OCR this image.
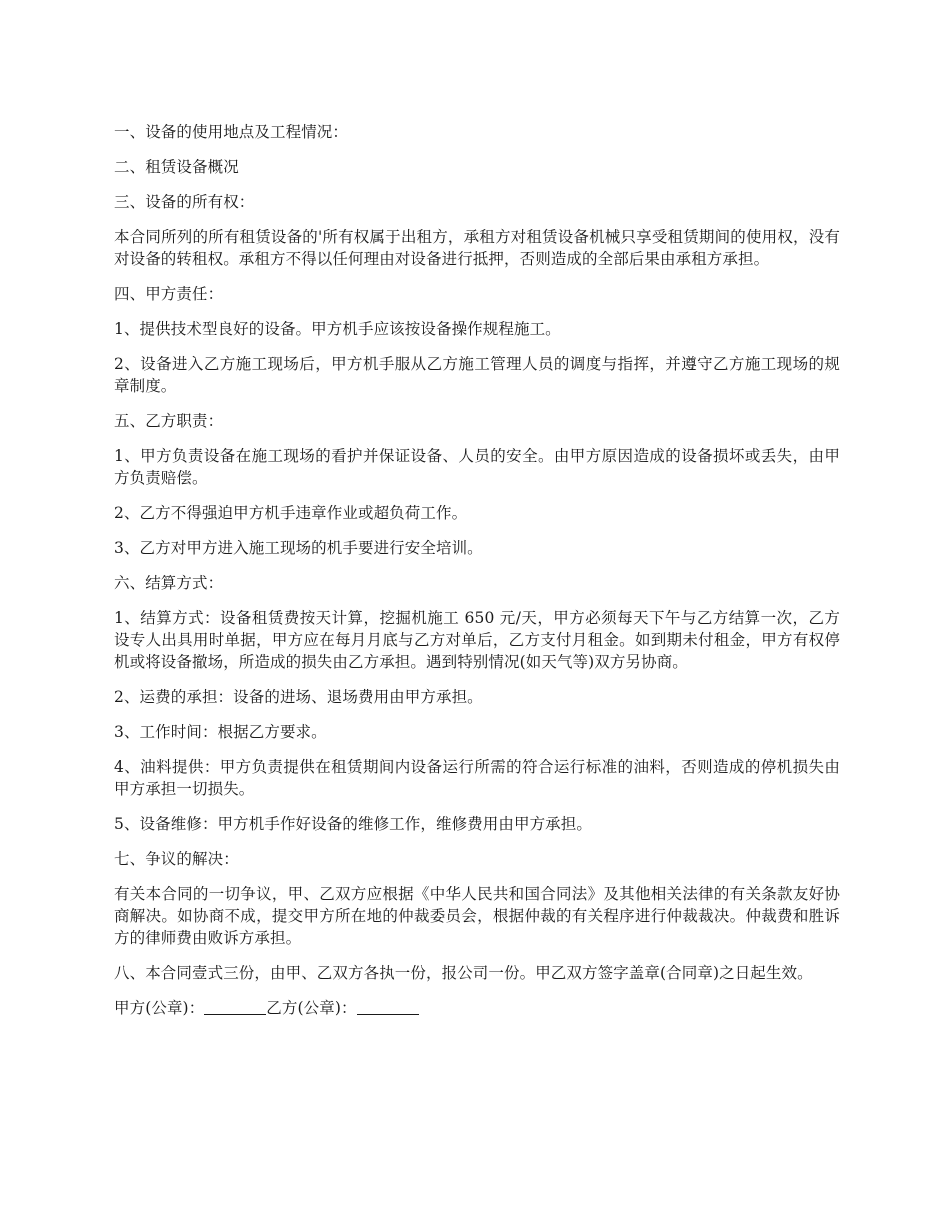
一、设备的使用地点及工程情况：

二、租赁设备概况

三、设备的所有权：

本合同所列的所有租赁设备的'所有权属于出租方，承租方对租赁设备机械只享受租赁期间的使用权，没有对设备的转租权。承租方不得以任何理由对设备进行抵押，否则造成的全部后果由承租方承担。

四、甲方责任：

1、提供技术型良好的设备。甲方机手应该按设备操作规程施工。

2、设备进入乙方施工现场后，甲方机手服从乙方施工管理人员的调度与指挥，并遵守乙方施工现场的规章制度。

五、乙方职责：

1、甲方负责设备在施工现场的看护并保证设备、人员的安全。由甲方原因造成的设备损坏或丢失，由甲方负责赔偿。

2、乙方不得强迫甲方机手违章作业或超负荷工作。

3、乙方对甲方进入施工现场的机手要进行安全培训。

六、结算方式：

1、结算方式：设备租赁费按天计算，挖掘机施工 650 元/天，甲方必须每天下午与乙方结算一次，乙方设专人出具用时单据，甲方应在每月月底与乙方对单后，乙方支付月租金。如到期未付租金，甲方有权停机或将设备撤场，所造成的损失由乙方承担。遇到特别情况(如天气等)双方另协商。

2、运费的承担：设备的进场、退场费用由甲方承担。

3、工作时间：根据乙方要求。

4、油料提供：甲方负责提供在租赁期间内设备运行所需的符合运行标准的油料，否则造成的停机损失由甲方承担一切损失。

5、设备维修：甲方机手作好设备的维修工作，维修费用由甲方承担。

七、争议的解决：

有关本合同的一切争议，甲、乙双方应根据《中华人民共和国合同法》及其他相关法律的有关条款友好协商解决。如协商不成，提交甲方所在地的仲裁委员会，根据仲裁的有关程序进行仲裁裁决。仲裁费和胜诉方的律师费由败诉方承担。

八、本合同壹式三份，由甲、乙双方各执一份，报公司一份。甲乙双方签字盖章(合同章)之日起生效。

甲方(公章)：	乙方(公章)：
